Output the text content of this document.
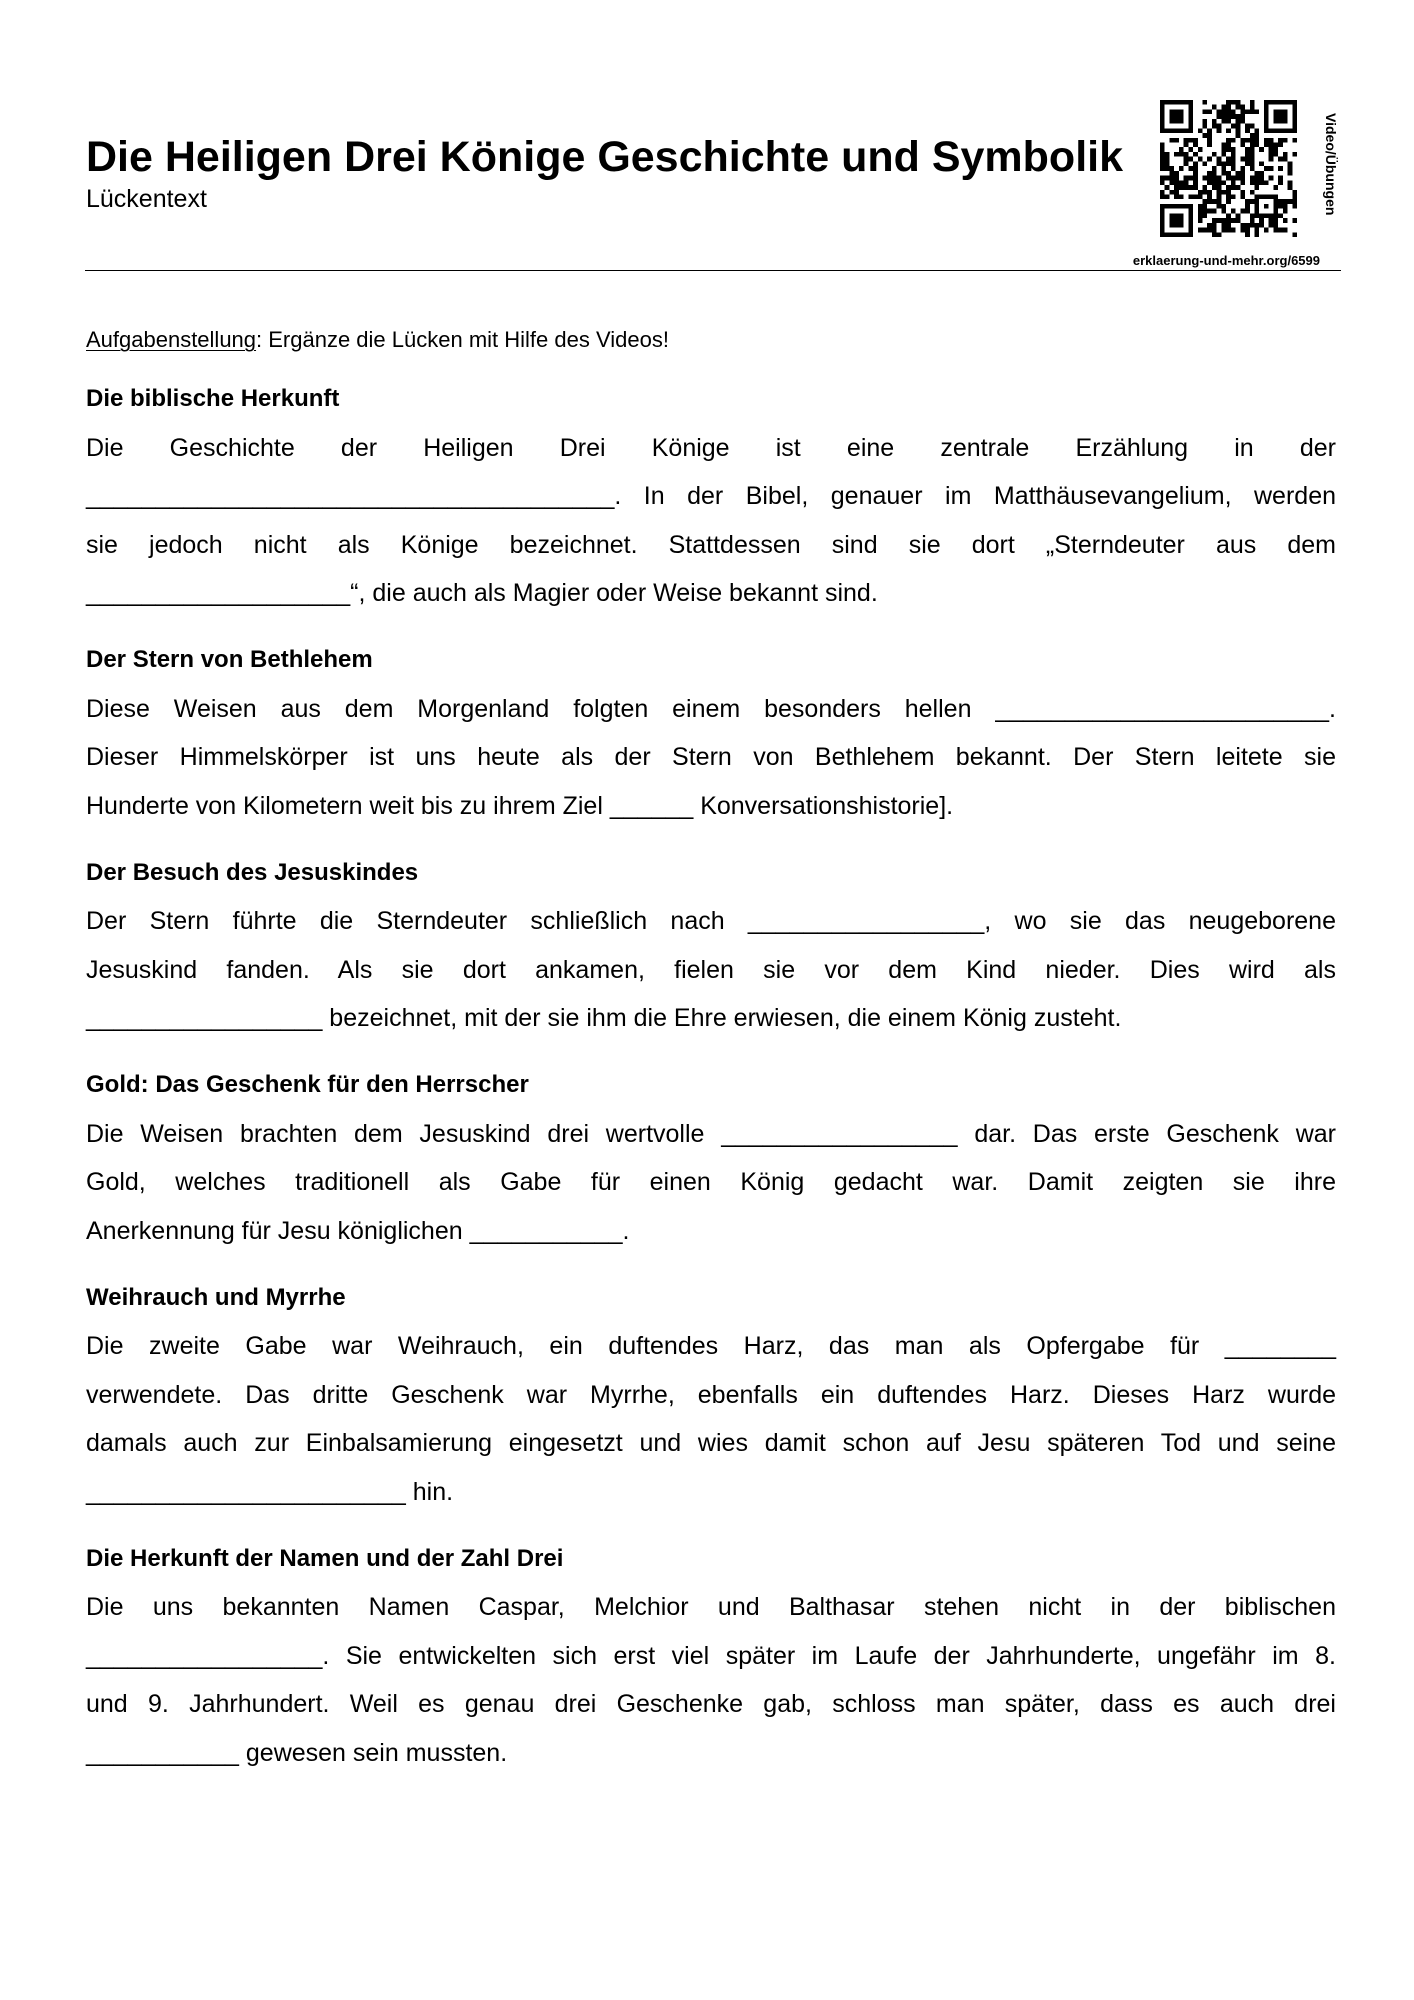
Die Heiligen Drei Könige Geschichte und Symbolik
Lückentext	Video/Übungen
erklaerung-und-mehr.org/6599

Aufgabenstellung: Ergänze die Lücken mit Hilfe des Videos!

Die biblische Herkunft
Die Geschichte der Heiligen Drei Könige ist eine zentrale Erzählung in der
______________________________________. In der Bibel, genauer im Matthäusevangelium, werden
sie jedoch nicht als Könige bezeichnet. Stattdessen sind sie dort „Sterndeuter aus dem
___________________“, die auch als Magier oder Weise bekannt sind.
Der Stern von Bethlehem
Diese Weisen aus dem Morgenland folgten einem besonders hellen ________________________.
Dieser Himmelskörper ist uns heute als der Stern von Bethlehem bekannt. Der Stern leitete sie
Hunderte von Kilometern weit bis zu ihrem Ziel ______ Konversationshistorie].
Der Besuch des Jesuskindes
Der Stern führte die Sterndeuter schließlich nach _________________, wo sie das neugeborene
Jesuskind fanden. Als sie dort ankamen, fielen sie vor dem Kind nieder. Dies wird als
_________________ bezeichnet, mit der sie ihm die Ehre erwiesen, die einem König zusteht.
Gold: Das Geschenk für den Herrscher
Die Weisen brachten dem Jesuskind drei wertvolle _________________ dar. Das erste Geschenk war
Gold, welches traditionell als Gabe für einen König gedacht war. Damit zeigten sie ihre
Anerkennung für Jesu königlichen ___________.
Weihrauch und Myrrhe
Die zweite Gabe war Weihrauch, ein duftendes Harz, das man als Opfergabe für ________
verwendete. Das dritte Geschenk war Myrrhe, ebenfalls ein duftendes Harz. Dieses Harz wurde
damals auch zur Einbalsamierung eingesetzt und wies damit schon auf Jesu späteren Tod und seine
_______________________ hin.
Die Herkunft der Namen und der Zahl Drei
Die uns bekannten Namen Caspar, Melchior und Balthasar stehen nicht in der biblischen
_________________. Sie entwickelten sich erst viel später im Laufe der Jahrhunderte, ungefähr im 8.
und 9. Jahrhundert. Weil es genau drei Geschenke gab, schloss man später, dass es auch drei
___________ gewesen sein mussten.
